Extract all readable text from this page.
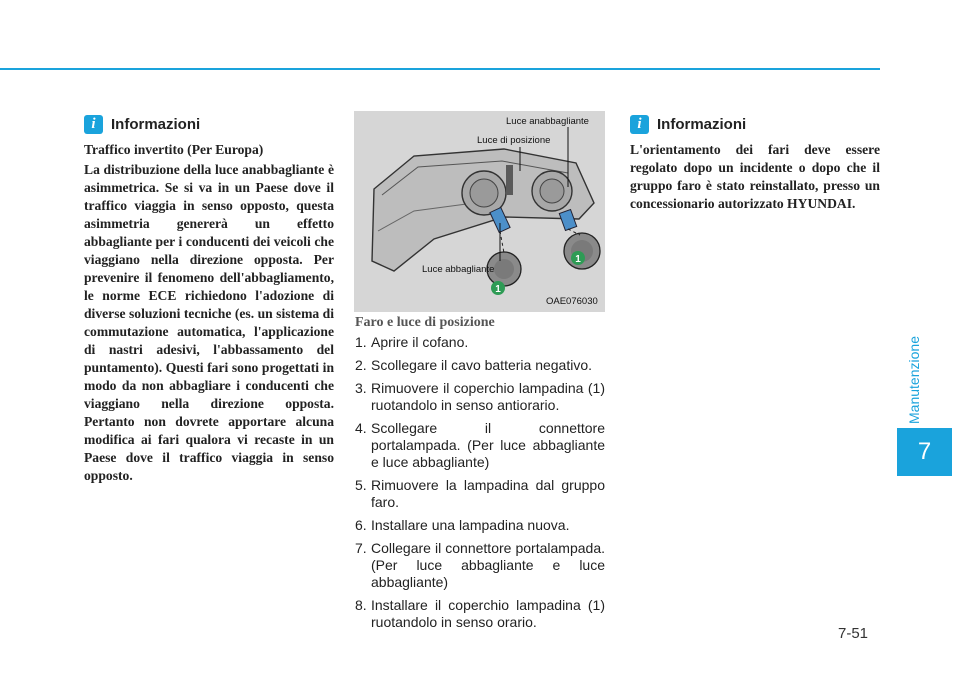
i	Informazioni

Traffico invertito (Per Europa)

La distribuzione della luce anabbagliante è asimmetrica. Se si va in un Paese dove il traffico viaggia in senso opposto, questa asimmetria genererà un effetto abbagliante per i conducenti dei veicoli che viaggiano nella direzione opposta. Per prevenire il fenomeno dell'abbagliamento, le norme ECE richiedono l'adozione di diverse soluzioni tecniche (es. un sistema di commutazione automatica, l'applicazione di nastri adesivi, l'abbassamento del puntamento). Questi fari sono progettati in modo da non abbagliare i conducenti che viaggiano nella direzione opposta. Pertanto non dovrete apportare alcuna modifica ai fari qualora vi recaste in un Paese dove il traffico viaggia in senso opposto.

1
1
Luce anabbagliante
Luce di posizione
Luce abbagliante
OAE076030
Faro e luce di posizione
1. Aprire il cofano.
2. Scollegare il cavo batteria negativo.
3. Rimuovere il coperchio lampadina (1) ruotandolo in senso antiorario.
4. Scollegare il connettore portalampada. (Per luce abbagliante e luce abbagliante)
5. Rimuovere la lampadina dal gruppo faro.
6. Installare una lampadina nuova.
7. Collegare il connettore portalampada. (Per luce abbagliante e luce abbagliante)
8. Installare il coperchio lampadina (1) ruotandolo in senso orario.
i	Informazioni

L'orientamento dei fari deve essere regolato dopo un incidente o dopo che il gruppo faro è stato reinstallato, presso un concessionario autorizzato HYUNDAI.

Manutenzione
7
7-51
